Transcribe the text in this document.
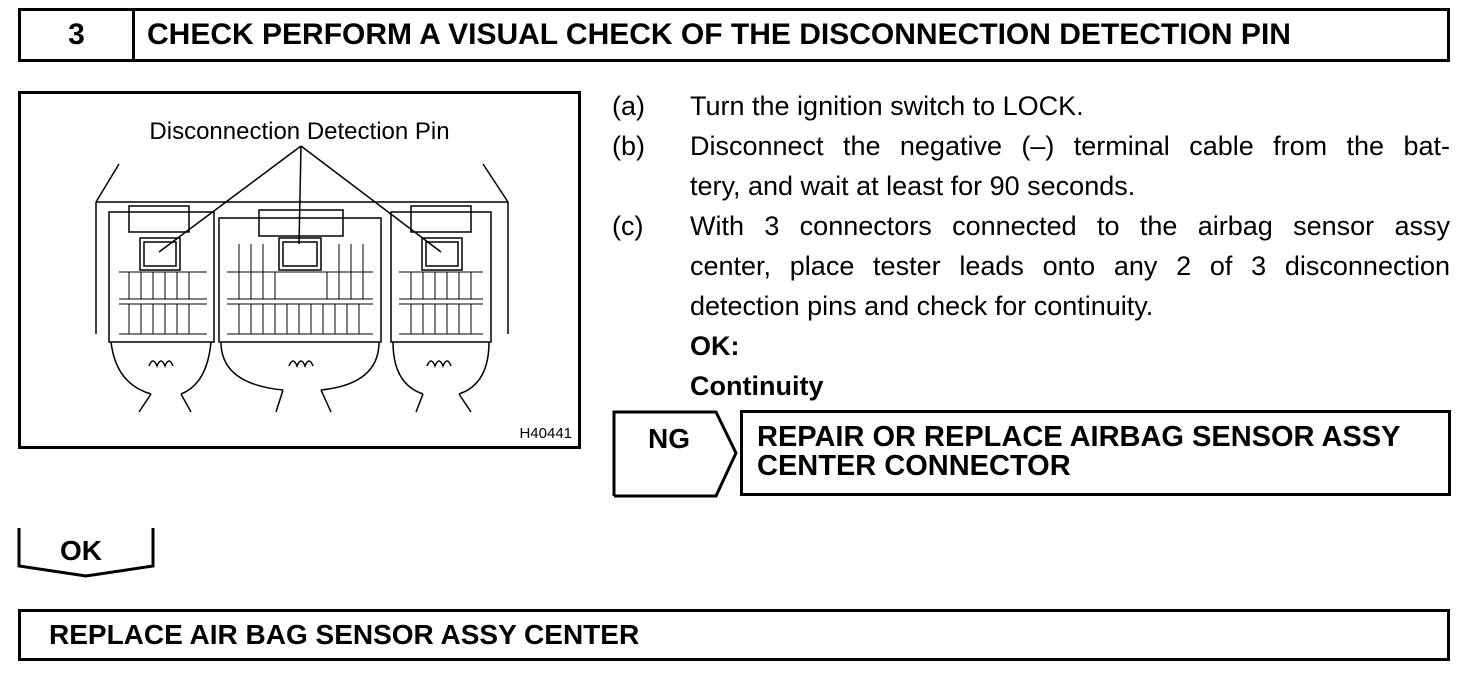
3	CHECK PERFORM A VISUAL CHECK OF THE DISCONNECTION DETECTION PIN
Disconnection Detection Pin
H40441
(a)	Turn the ignition switch to LOCK.
(b)	Disconnect the negative (–) terminal cable from the bat-
tery, and wait at least for 90 seconds.
(c)	With 3 connectors connected to the airbag sensor assy
center, place tester leads onto any 2 of 3 disconnection
detection pins and check for continuity.
OK:
Continuity
NG REPAIR OR REPLACE AIRBAG SENSOR ASSY
CENTER CONNECTOR
OK
REPLACE AIR BAG SENSOR ASSY CENTER
